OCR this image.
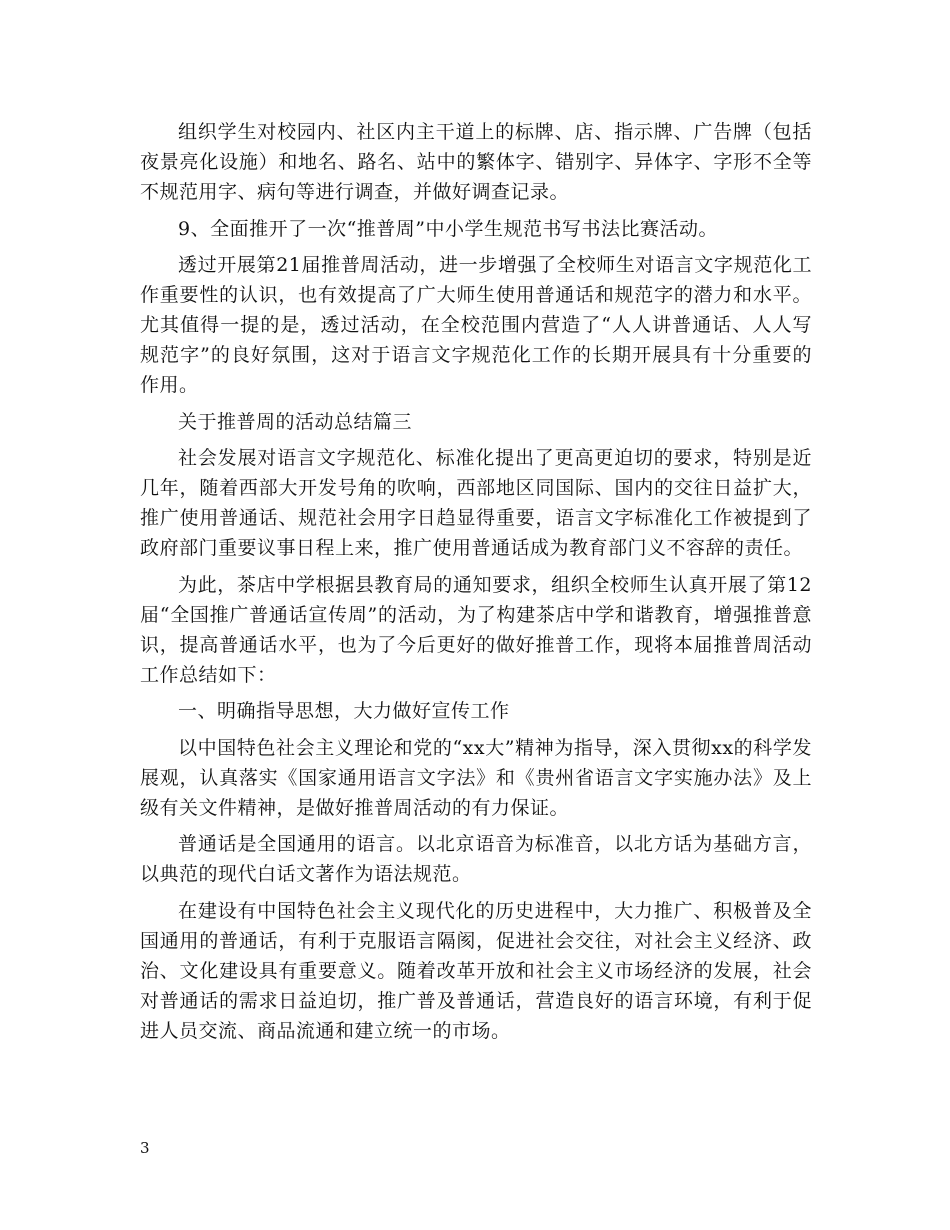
组织学生对校园内、社区内主干道上的标牌、店、指示牌、广告牌（包括夜景亮化设施）和地名、路名、站中的繁体字、错别字、异体字、字形不全等不规范用字、病句等进行调查，并做好调查记录。

9、全面推开了一次“推普周”中小学生规范书写书法比赛活动。

透过开展第21届推普周活动，进一步增强了全校师生对语言文字规范化工作重要性的认识，也有效提高了广大师生使用普通话和规范字的潜力和水平。尤其值得一提的是，透过活动，在全校范围内营造了“人人讲普通话、人人写规范字”的良好氛围，这对于语言文字规范化工作的长期开展具有十分重要的作用。

关于推普周的活动总结篇三

社会发展对语言文字规范化、标准化提出了更高更迫切的要求，特别是近几年，随着西部大开发号角的吹响，西部地区同国际、国内的交往日益扩大，推广使用普通话、规范社会用字日趋显得重要，语言文字标准化工作被提到了政府部门重要议事日程上来，推广使用普通话成为教育部门义不容辞的责任。

为此，茶店中学根据县教育局的通知要求，组织全校师生认真开展了第12届“全国推广普通话宣传周”的活动，为了构建茶店中学和谐教育，增强推普意识，提高普通话水平，也为了今后更好的做好推普工作，现将本届推普周活动工作总结如下：

一、明确指导思想，大力做好宣传工作

以中国特色社会主义理论和党的“xx大”精神为指导，深入贯彻xx的科学发展观，认真落实《国家通用语言文字法》和《贵州省语言文字实施办法》及上级有关文件精神，是做好推普周活动的有力保证。

普通话是全国通用的语言。以北京语音为标准音，以北方话为基础方言，以典范的现代白话文著作为语法规范。

在建设有中国特色社会主义现代化的历史进程中，大力推广、积极普及全国通用的普通话，有利于克服语言隔阂，促进社会交往，对社会主义经济、政治、文化建设具有重要意义。随着改革开放和社会主义市场经济的发展，社会对普通话的需求日益迫切，推广普及普通话，营造良好的语言环境，有利于促进人员交流、商品流通和建立统一的市场。

3
